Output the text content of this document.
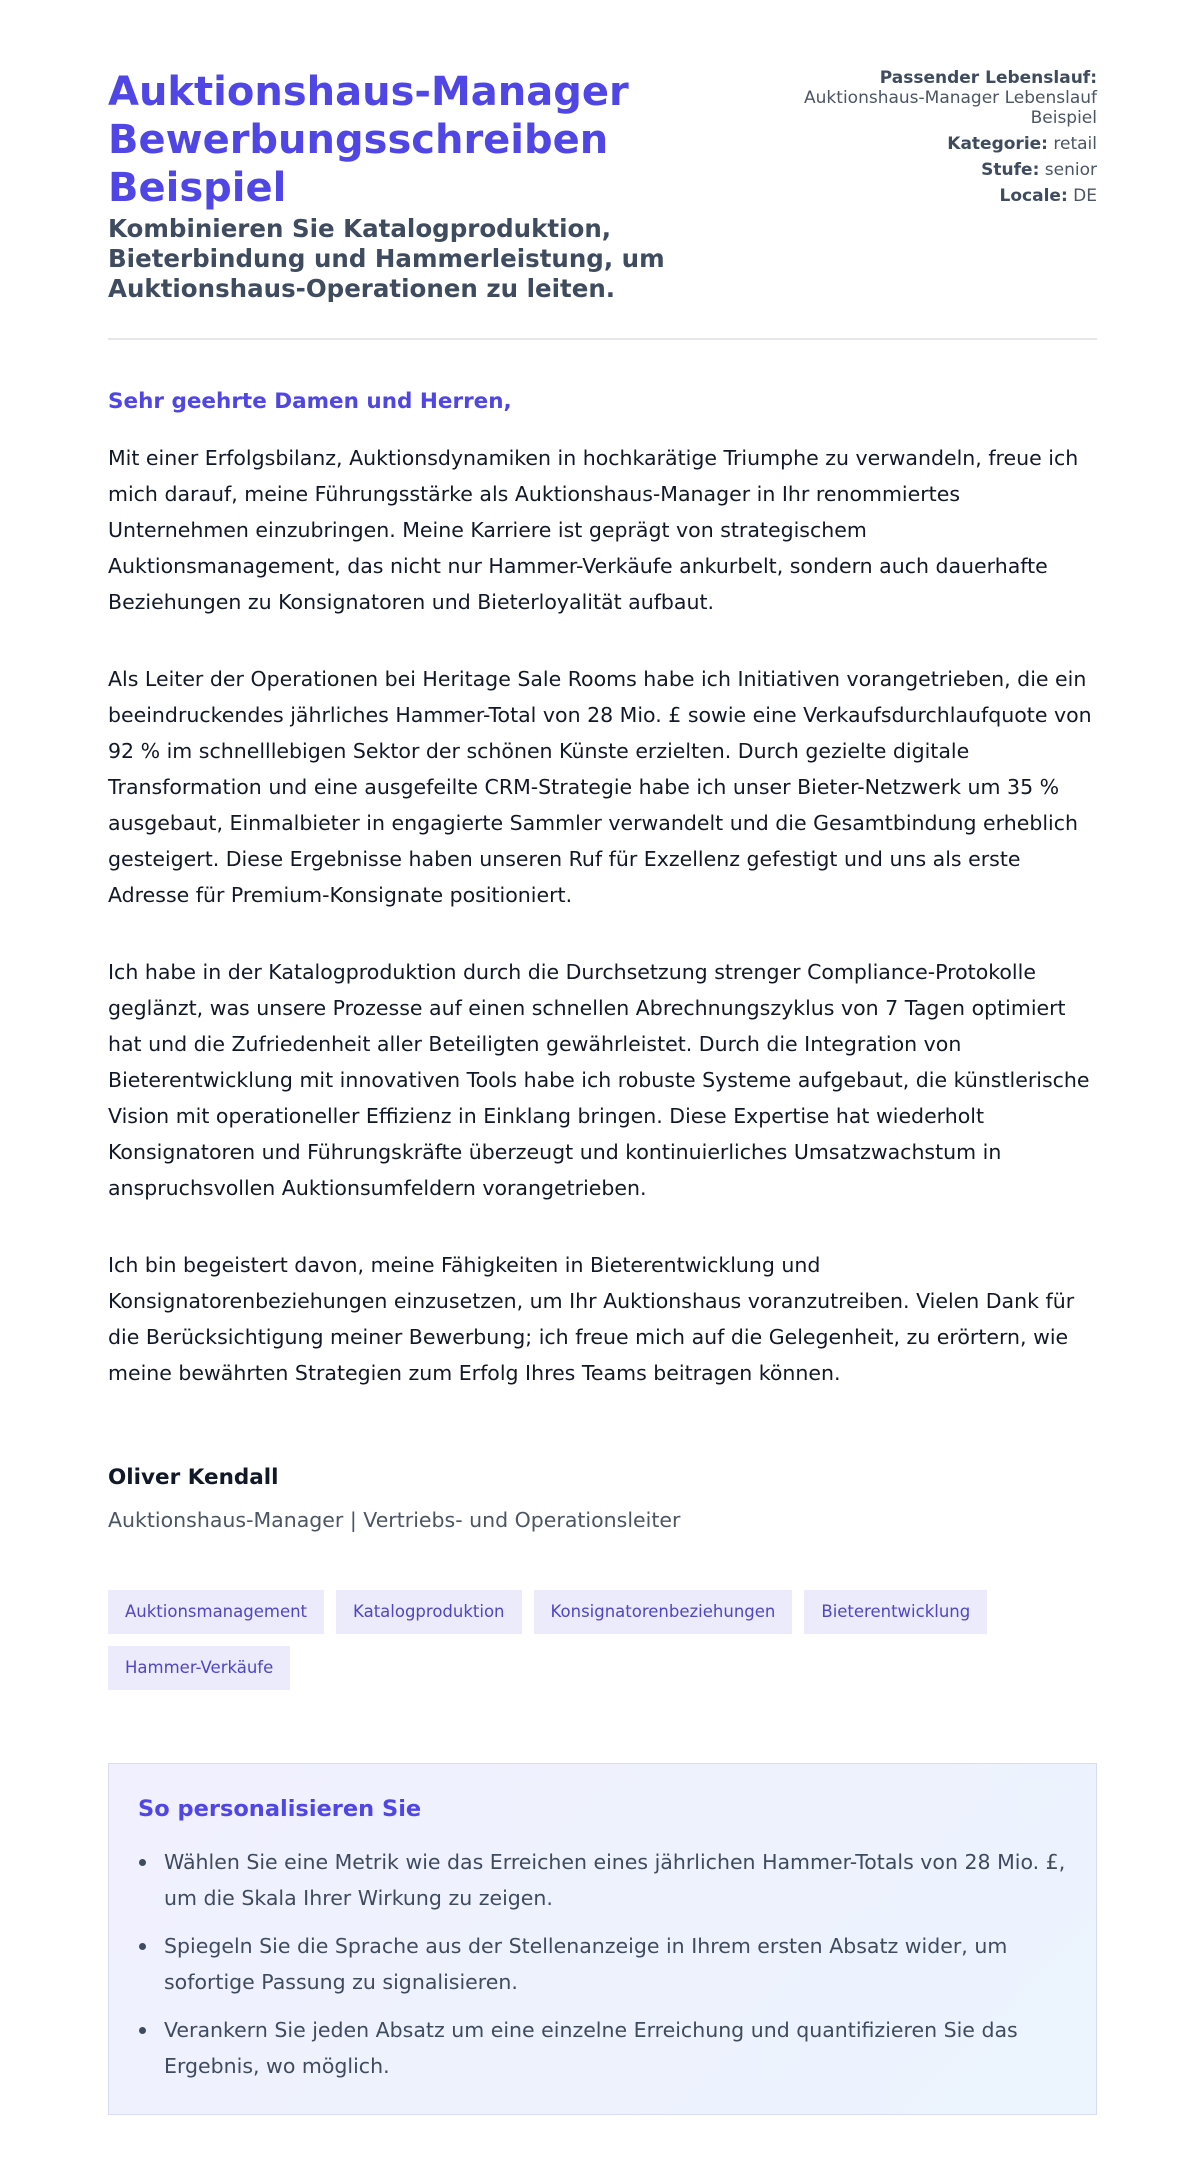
Auktionshaus-Manager Bewerbungsschreiben Beispiel
Kombinieren Sie Katalogproduktion, Bieterbindung und Hammerleistung, um Auktionshaus-Operationen zu leiten.
Passender Lebenslauf:
Auktionshaus-Manager Lebenslauf Beispiel
Kategorie: retail
Stufe: senior
Locale: DE

Sehr geehrte Damen und Herren,

Mit einer Erfolgsbilanz, Auktionsdynamiken in hochkarätige Triumphe zu verwandeln, freue ich mich darauf, meine Führungsstärke als Auktionshaus-Manager in Ihr renommiertes Unternehmen einzubringen. Meine Karriere ist geprägt von strategischem Auktionsmanagement, das nicht nur Hammer-Verkäufe ankurbelt, sondern auch dauerhafte Beziehungen zu Konsignatoren und Bieterloyalität aufbaut.

Als Leiter der Operationen bei Heritage Sale Rooms habe ich Initiativen vorangetrieben, die ein beeindruckendes jährliches Hammer-Total von 28 Mio. £ sowie eine Verkaufsdurchlaufquote von 92 % im schnelllebigen Sektor der schönen Künste erzielten. Durch gezielte digitale Transformation und eine ausgefeilte CRM-Strategie habe ich unser Bieter-Netzwerk um 35 % ausgebaut, Einmalbieter in engagierte Sammler verwandelt und die Gesamtbindung erheblich gesteigert. Diese Ergebnisse haben unseren Ruf für Exzellenz gefestigt und uns als erste Adresse für Premium-Konsignate positioniert.

Ich habe in der Katalogproduktion durch die Durchsetzung strenger Compliance-Protokolle geglänzt, was unsere Prozesse auf einen schnellen Abrechnungszyklus von 7 Tagen optimiert hat und die Zufriedenheit aller Beteiligten gewährleistet. Durch die Integration von Bieterentwicklung mit innovativen Tools habe ich robuste Systeme aufgebaut, die künstlerische Vision mit operationeller Effizienz in Einklang bringen. Diese Expertise hat wiederholt Konsignatoren und Führungskräfte überzeugt und kontinuierliches Umsatzwachstum in anspruchsvollen Auktionsumfeldern vorangetrieben.

Ich bin begeistert davon, meine Fähigkeiten in Bieterentwicklung und Konsignatorenbeziehungen einzusetzen, um Ihr Auktionshaus voranzutreiben. Vielen Dank für die Berücksichtigung meiner Bewerbung; ich freue mich auf die Gelegenheit, zu erörtern, wie meine bewährten Strategien zum Erfolg Ihres Teams beitragen können.

Oliver Kendall
Auktionshaus-Manager | Vertriebs- und Operationsleiter
Auktionsmanagement	Katalogproduktion	Konsignatorenbeziehungen	Bieterentwicklung
Hammer-Verkäufe
So personalisieren Sie
Wählen Sie eine Metrik wie das Erreichen eines jährlichen Hammer-Totals von 28 Mio. £, um die Skala Ihrer Wirkung zu zeigen.
Spiegeln Sie die Sprache aus der Stellenanzeige in Ihrem ersten Absatz wider, um sofortige Passung zu signalisieren.
Verankern Sie jeden Absatz um eine einzelne Erreichung und quantifizieren Sie das Ergebnis, wo möglich.
